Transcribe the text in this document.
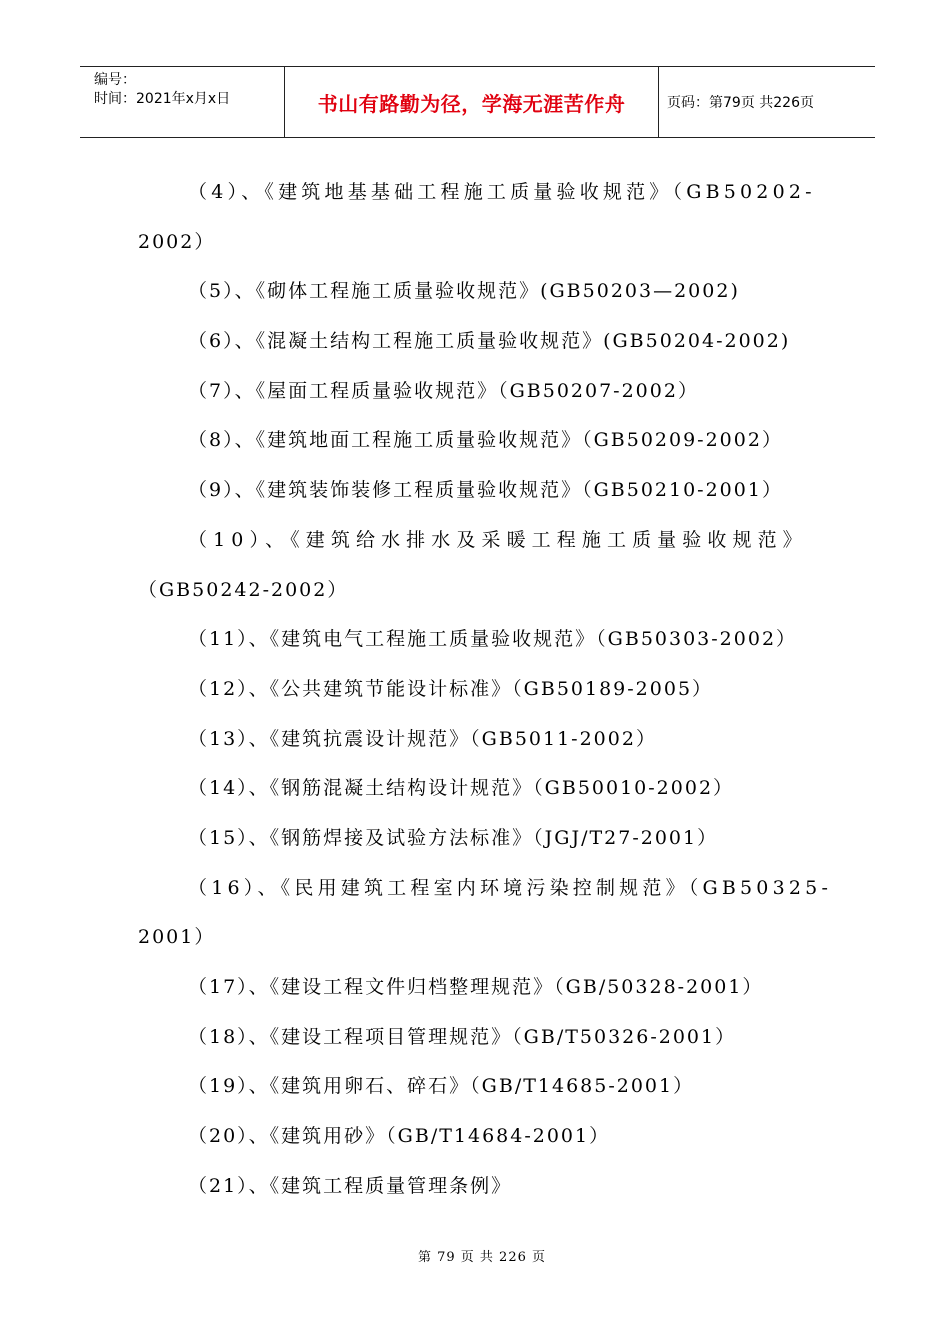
编号：
时间：2021年x月x日	书山有路勤为径，学海无涯苦作舟	页码：第79页 共226页
（4）、《建筑地基基础工程施工质量验收规范》（GB50202-
2002）
（5）、《砌体工程施工质量验收规范》(GB50203—2002)
（6）、《混凝土结构工程施工质量验收规范》(GB50204-2002)
（7）、《屋面工程质量验收规范》（GB50207-2002）
（8）、《建筑地面工程施工质量验收规范》（GB50209-2002）
（9）、《建筑装饰装修工程质量验收规范》（GB50210-2001）
（10）、《建筑给水排水及采暖工程施工质量验收规范》
（GB50242-2002）
（11）、《建筑电气工程施工质量验收规范》（GB50303-2002）
（12）、《公共建筑节能设计标准》（GB50189-2005）
（13）、《建筑抗震设计规范》（GB5011-2002）
（14）、《钢筋混凝土结构设计规范》（GB50010-2002）
（15）、《钢筋焊接及试验方法标准》（JGJ/T27-2001）
（16）、《民用建筑工程室内环境污染控制规范》（GB50325-
2001）
（17）、《建设工程文件归档整理规范》（GB/50328-2001）
（18）、《建设工程项目管理规范》（GB/T50326-2001）
（19）、《建筑用卵石、碎石》（GB/T14685-2001）
（20）、《建筑用砂》（GB/T14684-2001）
（21）、《建筑工程质量管理条例》
第 79 页 共 226 页
